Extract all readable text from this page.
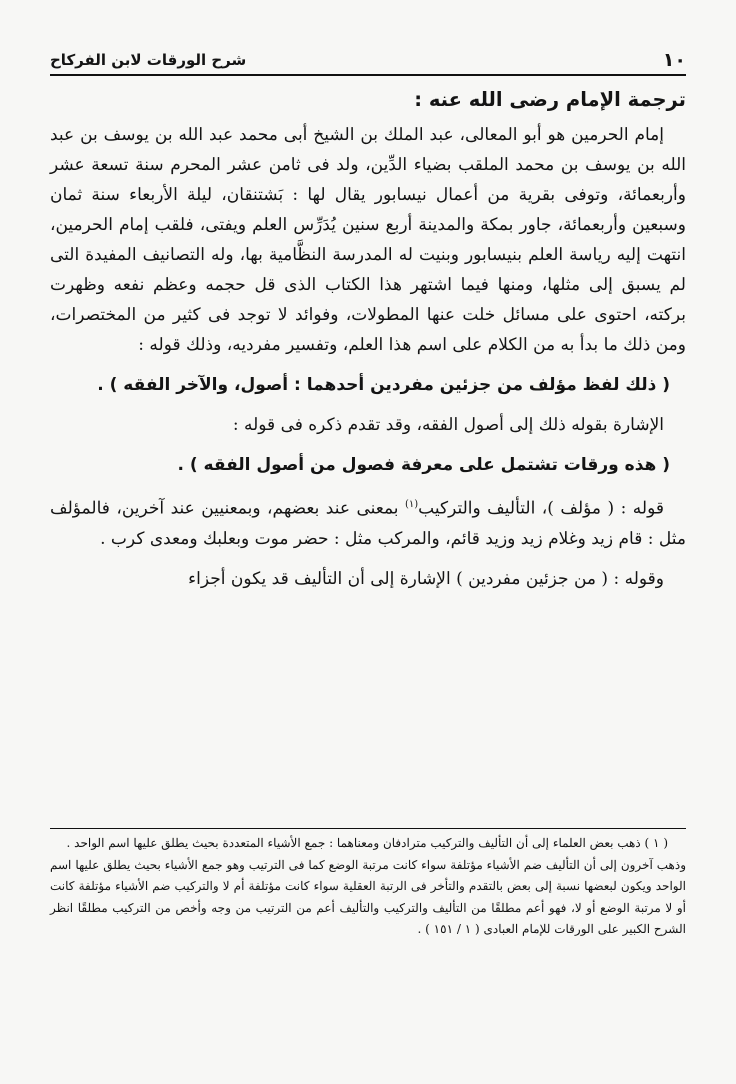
شرح الورقات لابن الفركاح	١٠
ترجمة الإمام رضى الله عنه :

إمام الحرمين هو أبو المعالى، عبد الملك بن الشيخ أبى محمد عبد الله بن يوسف بن عبد الله بن يوسف بن محمد الملقب بضياء الدِّين، ولد فى ثامن عشر المحرم سنة تسعة عشر وأربعمائة، وتوفى بقرية من أعمال نيسابور يقال لها : بَشتنقان، ليلة الأربعاء سنة ثمان وسبعين وأربعمائة، جاور بمكة والمدينة أربع سنين يُدَرِّس العلم ويفتى، فلقب إمام الحرمين، انتهت إليه رياسة العلم بنيسابور وبنيت له المدرسة النظَّامية بها، وله التصانيف المفيدة التى لم يسبق إلى مثلها، ومنها فيما اشتهر هذا الكتاب الذى قل حجمه وعظم نفعه وظهرت بركته، احتوى على مسائل خلت عنها المطولات، وفوائد لا توجد فى كثير من المختصرات، ومن ذلك ما بدأ به من الكلام على اسم هذا العلم، وتفسير مفرديه، وذلك قوله :

( ذلك لفظ مؤلف من جزئين مفردين أحدهما : أصول، والآخر الفقه ) .

الإشارة بقوله ذلك إلى أصول الفقه، وقد تقدم ذكره فى قوله :

( هذه ورقات تشتمل على معرفة فصول من أصول الفقه ) .

قوله : ( مؤلف )، التأليف والتركيب$^{(١)}$ بمعنى عند بعضهم، وبمعنيين عند آخرين، فالمؤلف مثل : قام زيد وغلام زيد وزيد قائم، والمركب مثل : حضر موت وبعلبك ومعدى كرب .

وقوله : ( من جزئين مفردين ) الإشارة إلى أن التأليف قد يكون أجزاء

( ١ ) ذهب بعض العلماء إلى أن التأليف والتركيب مترادفان ومعناهما : جمع الأشياء المتعددة بحيث يطلق عليها اسم الواحد .

وذهب آخرون إلى أن التأليف ضم الأشياء مؤتلفة سواء كانت مرتبة الوضع كما فى الترتيب وهو جمع الأشياء بحيث يطلق عليها اسم الواحد ويكون لبعضها نسبة إلى بعض بالتقدم والتأخر فى الرتبة العقلية سواء كانت مؤتلفة أم لا والتركيب ضم الأشياء مؤتلفة كانت أو لا مرتبة الوضع أو لا، فهو أعم مطلقًا من التأليف والتركيب والتأليف أعم من الترتيب من وجه وأخص من التركيب مطلقًا انظر الشرح الكبير على الورقات للإمام العبادى ( ١ / ١٥١ ) .
